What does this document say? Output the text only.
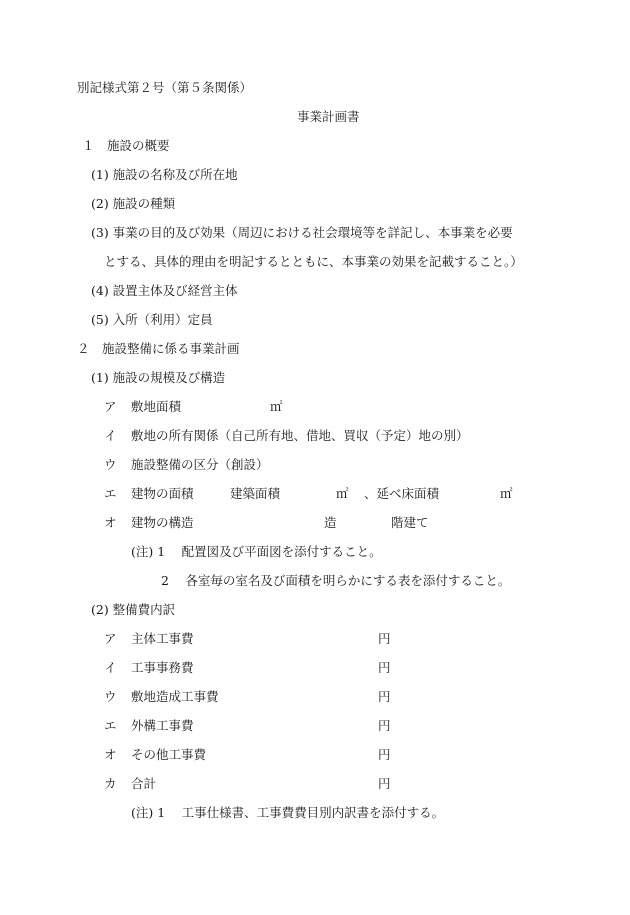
別記様式第２号（第５条関係）
事業計画書
１　施設の概要
(1) 施設の名称及び所在地
(2) 施設の種類
(3) 事業の目的及び効果（周辺における社会環境等を詳記し、本事業を必要
とする、具体的理由を明記するとともに、本事業の効果を記載すること。）
(4) 設置主体及び経営主体
(5) 入所（利用）定員
２　施設整備に係る事業計画
(1) 施設の規模及び構造
ア 敷地面積	㎡
イ 敷地の所有関係（自己所有地、借地、買収（予定）地の別）
ウ 施設整備の区分（創設）
エ 建物の面積	建築面積	㎡ 、延べ床面積	㎡
オ 建物の構造	造	階建て
(注) 1　 配置図及び平面図を添付すること。
2　 各室毎の室名及び面積を明らかにする表を添付すること。
(2) 整備費内訳
ア 主体工事費	円
イ 工事事務費	円
ウ 敷地造成工事費	円
エ 外構工事費	円
オ その他工事費	円
カ 合計	円
(注) 1　 工事仕様書、工事費費目別内訳書を添付する。
